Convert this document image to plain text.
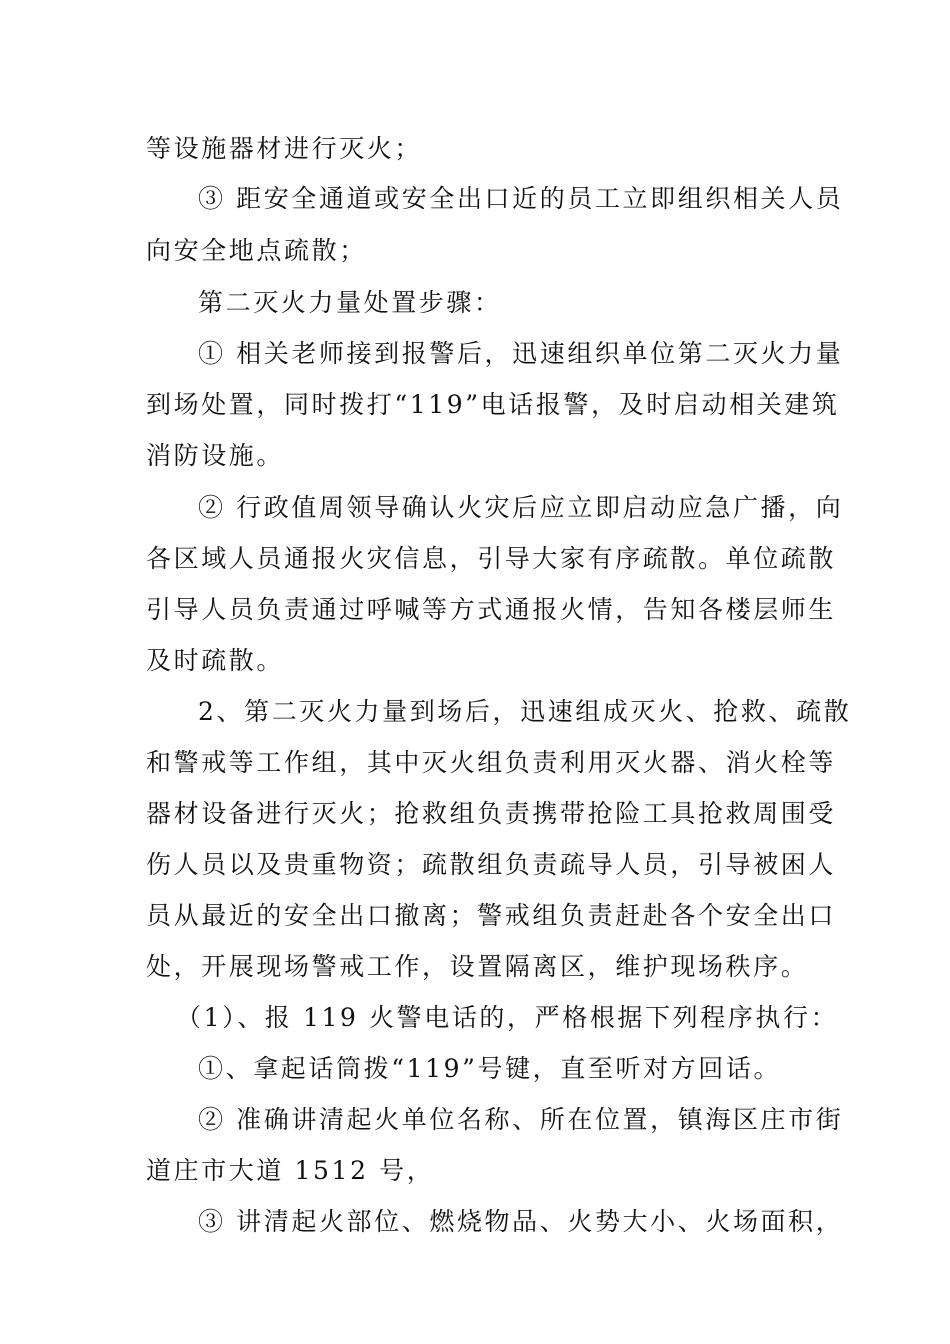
等设施器材进行灭火；
③ 距安全通道或安全出口近的员工立即组织相关人员
向安全地点疏散；
第二灭火力量处置步骤：
① 相关老师接到报警后，迅速组织单位第二灭火力量
到场处置，同时拨打“119”电话报警，及时启动相关建筑
消防设施。
② 行政值周领导确认火灾后应立即启动应急广播，向
各区域人员通报火灾信息，引导大家有序疏散。单位疏散
引导人员负责通过呼喊等方式通报火情，告知各楼层师生
及时疏散。
2、第二灭火力量到场后，迅速组成灭火、抢救、疏散
和警戒等工作组，其中灭火组负责利用灭火器、消火栓等
器材设备进行灭火；抢救组负责携带抢险工具抢救周围受
伤人员以及贵重物资；疏散组负责疏导人员，引导被困人
员从最近的安全出口撤离；警戒组负责赶赴各个安全出口
处，开展现场警戒工作，设置隔离区，维护现场秩序。
（1）、报 119 火警电话的，严格根据下列程序执行：
①、拿起话筒拨“119”号键，直至听对方回话。
② 准确讲清起火单位名称、所在位置，镇海区庄市街
道庄市大道 1512 号，
③ 讲清起火部位、燃烧物品、火势大小、火场面积，
